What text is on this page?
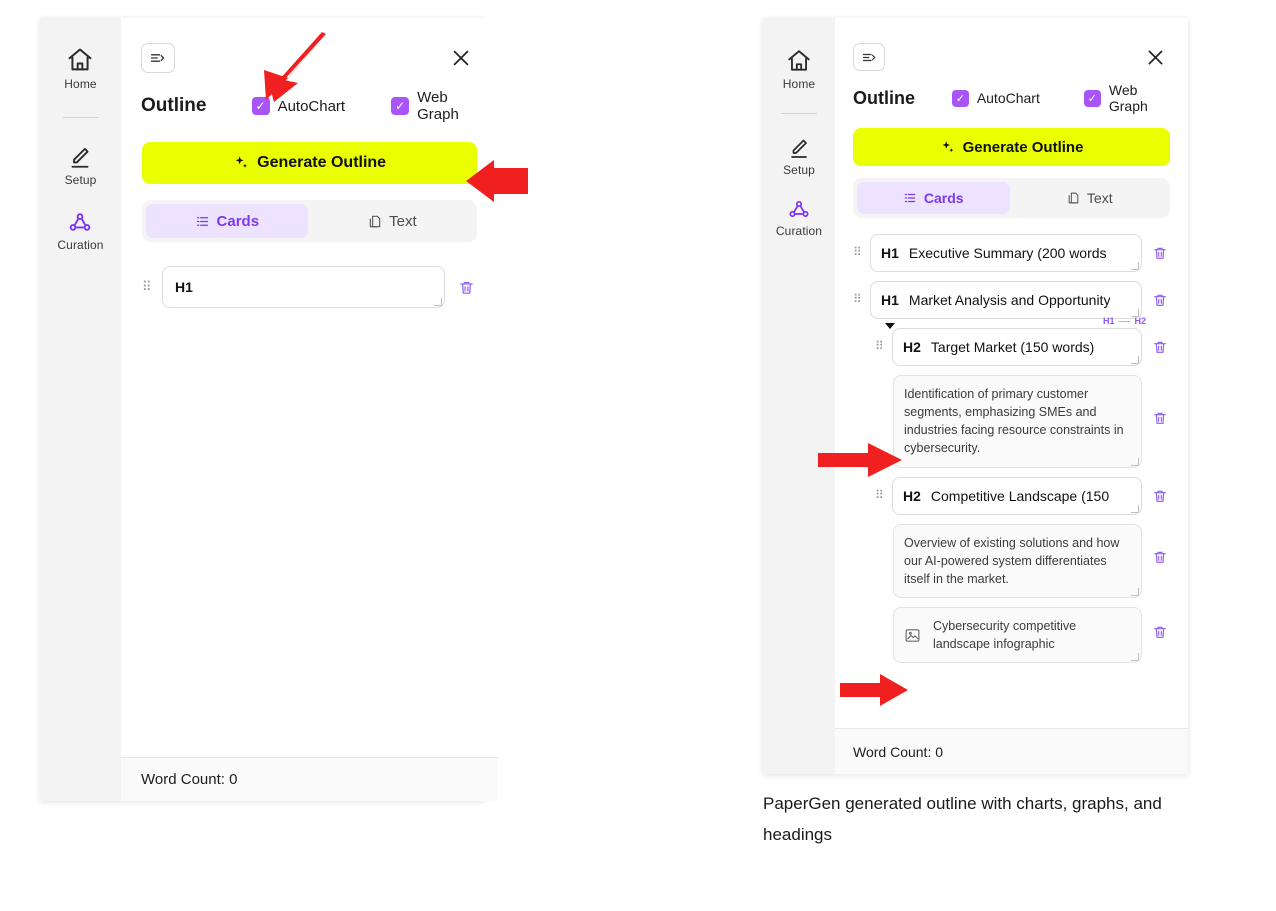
Home
Setup
Curation
Outline	✓ AutoChart	✓ Web Graph
Generate Outline
Cards	Text
⠿ H1
Word Count: 0
Home
Setup
Curation
Outline	✓ AutoChart	✓
Web Graph
Generate Outline
Cards	Text
⠿ H1 Executive Summary (200 words
⠿ H1 Market Analysis and Opportunity
H1 H2
⠿ H2 Target Market (150 words)
Identification of primary customer segments, emphasizing SMEs and industries facing resource constraints in cybersecurity.
⠿ H2 Competitive Landscape (150
Overview of existing solutions and how our AI-powered system differentiates itself in the market.
Cybersecurity competitive landscape infographic
Word Count: 0
PaperGen generated outline with charts, graphs, and headings
